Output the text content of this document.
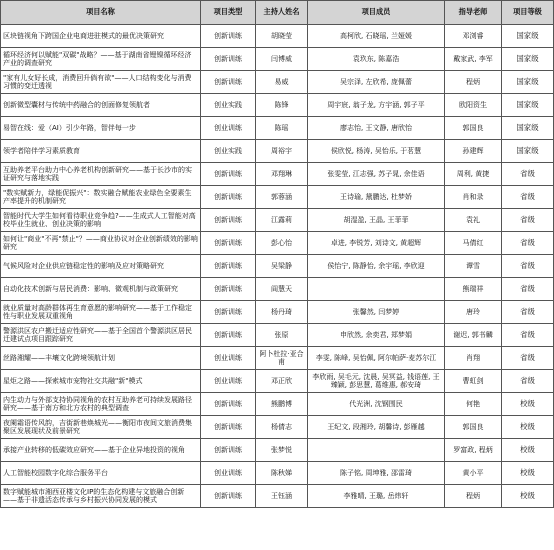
项目名称	项目类型	主持人姓名	项目成员	指导老师	项目等级
区块链视角下跨国企业电商进驻模式的最优决策研究	创新训练	胡晓莹	高柯欣, 石晓瑶, 兰娅媛	邓浏睿	国家级
循环经济何以赋能"双碳"战略？——基于湖南省锂镍循环经济产业的调查研究	创新训练	闫博威	袁玖东, 陈嘉浩	戴家武, 李军	国家级
"家有儿女好长成，消费回升倘有欲"——人口结构变化与消费习惯的变迁透视	创新训练	易威	吴宗泽, 左欣希, 庞佩蕾	程炳	国家级
创新微型囊材与传统中药融合的创面修复领航者	创业实践	陈锋	周宇宸, 翁子龙, 方宇涵, 郭子平	欧阳资生	国家级
易智在线：爱（AI）引少年路，智伴每一步	创业训练	陈瑶	廖志怡, 王文静, 唐欣怡	郭国良	国家级
领学者陪伴学习素质教育	创业实践	周裕宇	侯欣悦, 杨涛, 吴怡乐, 于茗慧	孙建辉	国家级
互助养老平台助力中心养老机构创新研究——基于长沙市的实证研究与落地实践	创新训练	邓翔琳	张雯莹, 江志强, 苏子晁, 余佳语	周利, 黄捷	省级
"数实赋新力，绿能促振兴"：数实融合赋能农业绿色全要素生产率提升的机制研究	创新训练	郭蓉涵	王诗瑜, 黛鹏达, 杜梦娇	肖和录	省级
智能时代大学生如何看待职业竞争趋?——生成式人工智能对高校毕业生就业、创业决策的影响	创新训练	江露莉	胡湿盈, 王晶, 王菲菲	袁礼	省级
如何让"商业"不再"禁止"？——商业协议对企业创新绩效的影响研究	创新训练	彭心怡	卓进, 李锐芳, 刘诗文, 黄超辉	马倩红	省级
气候风险对企业供应链稳定性的影响及应对策略研究	创新训练	吴梁静	侯怡宁, 陈静怡, 余宇瑶, 李欣迎	谭雪	省级
自动化技术创新与居民消费：影响、微观机制与政策研究	创新训练	阎慧天		熊瑞祥	省级
就业质量对高龄群体再生育意愿的影响研究——基于工作稳定性与职业发展双重视角	创新训练	杨丹琦	张馨然, 闫梦婷	唐玲	省级
警源洪区农户搬迁适应性研究——基于全国首个警源洪区居民迁建试点项目跟踪研究	创新训练	张原	申欣然, 余奕君, 郑梦娟	谢迟, 郭书麟	省级
丝路湘耀——丰壤文化跨境领航计划	创业训练	阿卜杜拉·亚合甫	李雯, 陈峰, 吴怡佩, 阿尔帕萨·麦苏尔江	肖翔	省级
星炬之路——探索城市宠物社交共融"新"模式	创业训练	邓正欣	李欣雨, 吴毛元, 沈晨, 吴冥益, 钱语莲, 王臻颖, 彭思慧, 葛维惠, 郝安琦	曹虹剑	省级
内生动力与外部支持协同视角的农村互助养老可持续发展路径研究——基于南方和北方农村的典型调查	创新训练	熊鹏博	代光洲, 沈钢围民	何艳	校级
夜阑霜语传风韵，吉街新巷焕城光——衡阳市夜间文旅消费集聚区发展现状及前景研究	创新训练	杨倩志	王纪文, 段湘玲, 胡馨诗, 彭雁越	郭国良	校级
承接产业转移的低碳效应研究——基于企业异地投资的视角	创新训练	张梦悦		罗富政, 程炳	校级
人工智能校园数字化综合服务平台	创业训练	陈秋娣	陈子铭, 周坤雅, 邵雷琦	黄小平	校级
数字赋能城市湘西亚楼文化IP的生态化构建与文旅融合创新——基于非遗活态传承与乡村振兴协同发展的模式	创新训练	王钰涵	李雅晴, 王璐, 岳炜轩	程炳	校级
